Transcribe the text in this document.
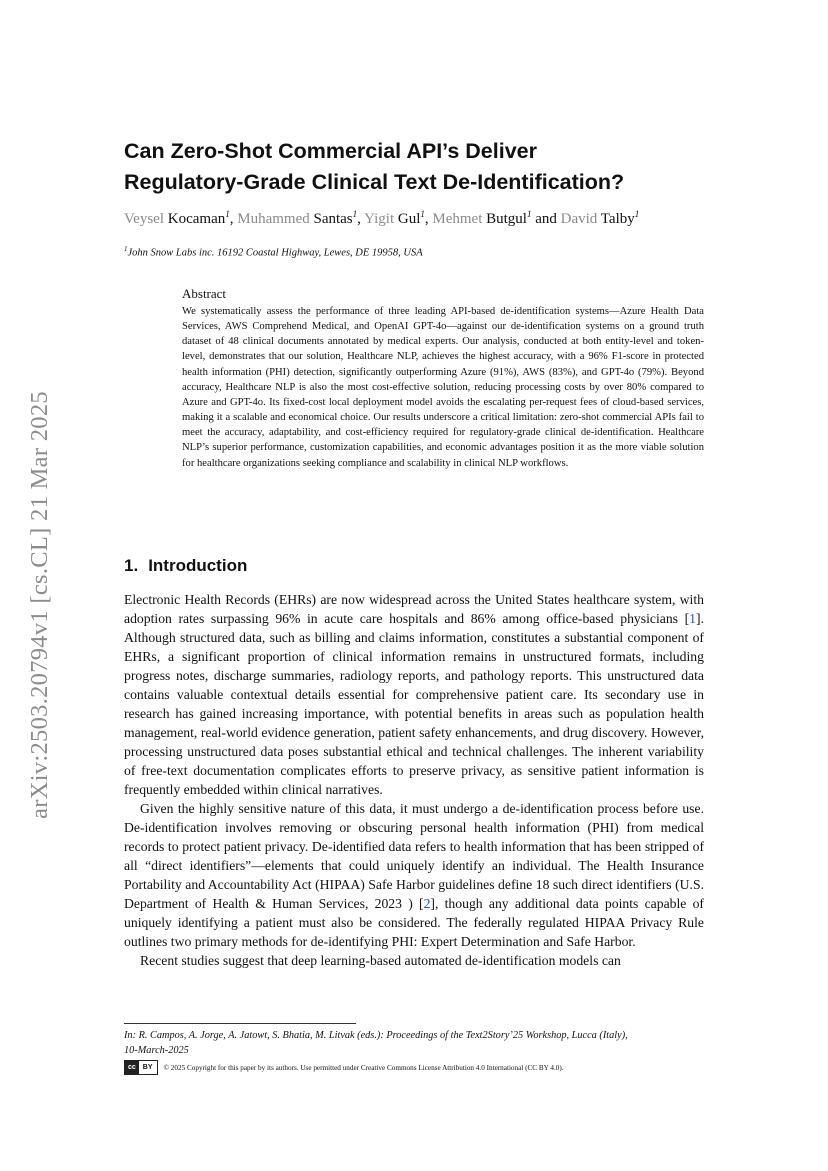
arXiv:2503.20794v1 [cs.CL] 21 Mar 2025
Can Zero-Shot Commercial API’s Deliver
Regulatory-Grade Clinical Text De-Identification?
Veysel Kocaman$^1$, Muhammed Santas$^1$, Yigit Gul$^1$, Mehmet Butgul$^1$ and David Talby$^1$
$^1$John Snow Labs inc. 16192 Coastal Highway, Lewes, DE 19958, USA
Abstract
We systematically assess the performance of three leading API-based de-identification systems—Azure Health Data Services, AWS Comprehend Medical, and OpenAI GPT-4o—against our de-identification systems on a ground truth dataset of 48 clinical documents annotated by medical experts. Our analysis, conducted at both entity-level and token-level, demonstrates that our solution, Healthcare NLP, achieves the highest accuracy, with a 96% F1-score in protected health information (PHI) detection, significantly outperforming Azure (91%), AWS (83%), and GPT-4o (79%). Beyond accuracy, Healthcare NLP is also the most cost-effective solution, reducing processing costs by over 80% compared to Azure and GPT-4o. Its fixed-cost local deployment model avoids the escalating per-request fees of cloud-based services, making it a scalable and economical choice. Our results underscore a critical limitation: zero-shot commercial APIs fail to meet the accuracy, adaptability, and cost-efficiency required for regulatory-grade clinical de-identification. Healthcare NLP’s superior performance, customization capabilities, and economic advantages position it as the more viable solution for healthcare organizations seeking compliance and scalability in clinical NLP workflows.
1. Introduction

Electronic Health Records (EHRs) are now widespread across the United States healthcare system, with adoption rates surpassing 96% in acute care hospitals and 86% among office-based physicians [1]. Although structured data, such as billing and claims information, constitutes a substantial component of EHRs, a significant proportion of clinical information remains in unstructured formats, including progress notes, discharge summaries, radiology reports, and pathology reports. This unstructured data contains valuable contextual details essential for comprehensive patient care. Its secondary use in research has gained increasing importance, with potential benefits in areas such as population health management, real-world evidence generation, patient safety enhancements, and drug discovery. However, processing unstructured data poses substantial ethical and technical challenges. The inherent variability of free-text documentation complicates efforts to preserve privacy, as sensitive patient information is frequently embedded within clinical narratives.

Given the highly sensitive nature of this data, it must undergo a de-identification process before use. De-identification involves removing or obscuring personal health information (PHI) from medical records to protect patient privacy. De-identified data refers to health information that has been stripped of all “direct identifiers”—elements that could uniquely identify an individual. The Health Insurance Portability and Accountability Act (HIPAA) Safe Harbor guidelines define 18 such direct identifiers (U.S. Department of Health & Human Services, 2023 ) [2], though any additional data points capable of uniquely identifying a patient must also be considered. The federally regulated HIPAA Privacy Rule outlines two primary methods for de-identifying PHI: Expert Determination and Safe Harbor.

Recent studies suggest that deep learning-based automated de-identification models can

In: R. Campos, A. Jorge, A. Jatowt, S. Bhatia, M. Litvak (eds.): Proceedings of the Text2Story’25 Workshop, Lucca (Italy),
10-March-2025
cc	BY	© 2025 Copyright for this paper by its authors. Use permitted under Creative Commons License Attribution 4.0 International (CC BY 4.0).
